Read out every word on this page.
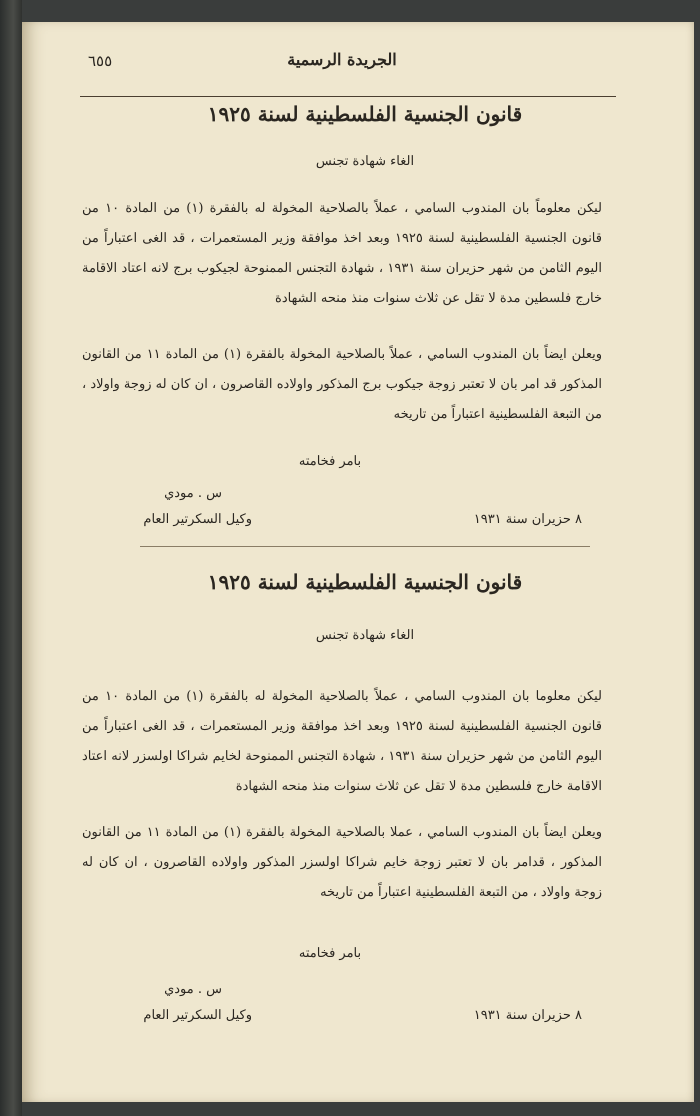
٦٥٥	الجريدة الرسمية
قانون الجنسية الفلسطينية لسنة ١٩٢٥
الغاء شهادة تجنس
ليكن معلوماً بان المندوب السامي ، عملاً بالصلاحية المخولة له بالفقرة (١) من المادة ١٠ من قانون الجنسية الفلسطينية لسنة ١٩٢٥ وبعد اخذ موافقة وزير المستعمرات ، قد الغى اعتباراً من اليوم الثامن من شهر حزيران سنة ١٩٣١ ، شهادة التجنس الممنوحة لجيكوب برج لانه اعتاد الاقامة خارج فلسطين مدة لا تقل عن ثلاث سنوات منذ منحه الشهادة
ويعلن ايضاً بان المندوب السامي ، عملاً بالصلاحية المخولة بالفقرة (١) من المادة ١١ من القانون المذكور قد امر بان لا تعتبر زوجة جيكوب برج المذكور واولاده القاصرون ، ان كان له زوجة واولاد ، من التبعة الفلسطينية اعتباراً من تاريخه
بامر فخامته
س . مودي
وكيل السكرتير العام	٨ حزيران سنة ١٩٣١
قانون الجنسية الفلسطينية لسنة ١٩٢٥
الغاء شهادة تجنس
ليكن معلوما بان المندوب السامي ، عملاً بالصلاحية المخولة له بالفقرة (١) من المادة ١٠ من قانون الجنسية الفلسطينية لسنة ١٩٢٥ وبعد اخذ موافقة وزير المستعمرات ، قد الغى اعتباراً من اليوم الثامن من شهر حزيران سنة ١٩٣١ ، شهادة التجنس الممنوحة لخايم شراكا اولسزر لانه اعتاد الاقامة خارج فلسطين مدة لا تقل عن ثلاث سنوات منذ منحه الشهادة
ويعلن ايضاً بان المندوب السامي ، عملا بالصلاحية المخولة بالفقرة (١) من المادة ١١ من القانون المذكور ، قدامر بان لا تعتبر زوجة خايم شراكا اولسزر المذكور واولاده القاصرون ، ان كان له زوجة واولاد ، من التبعة الفلسطينية اعتباراً من تاريخه
بامر فخامته
س . مودي
وكيل السكرتير العام	٨ حزيران سنة ١٩٣١
